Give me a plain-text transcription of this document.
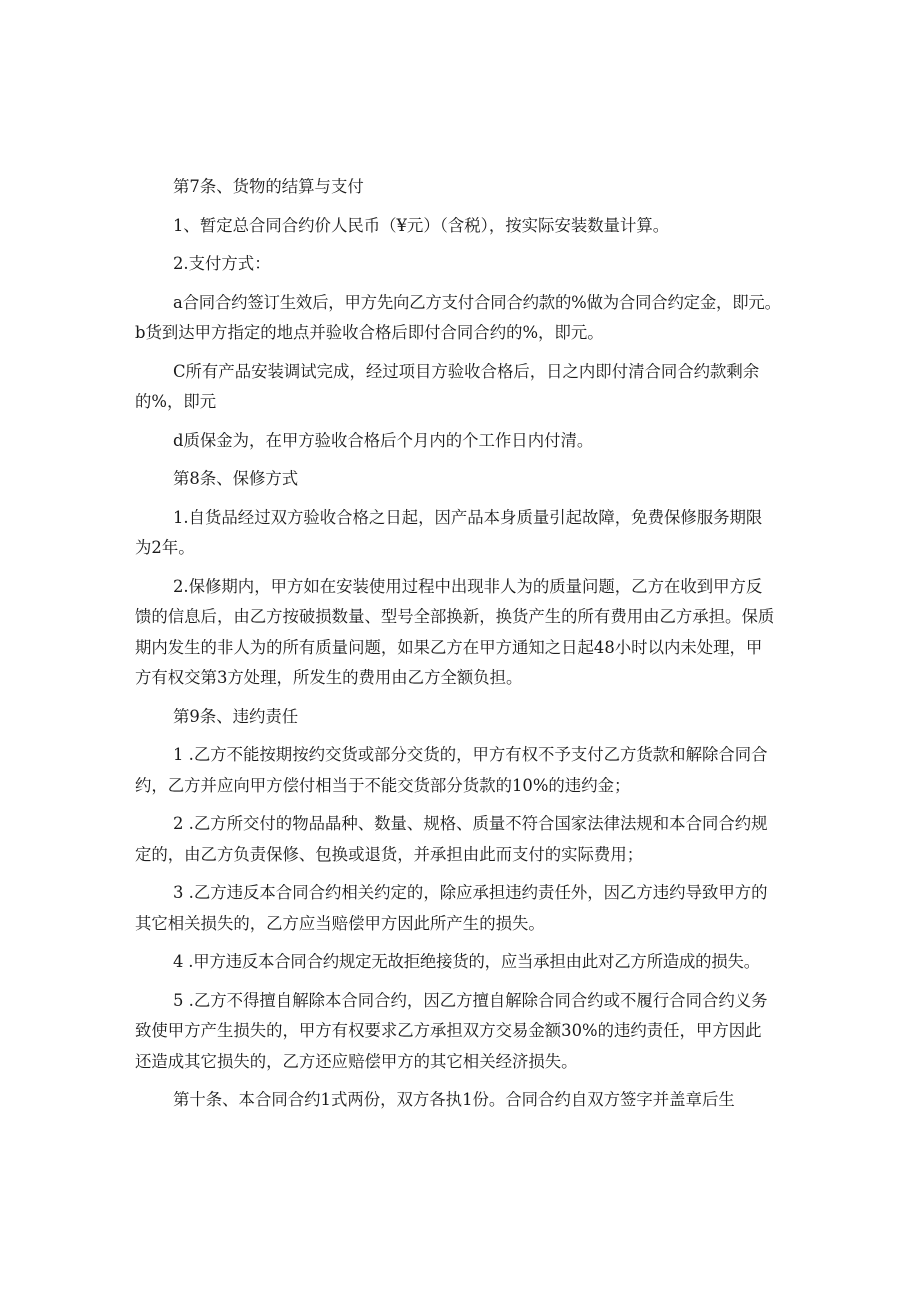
第7条、货物的结算与支付

1、暂定总合同合约价人民币（¥元）（含税），按实际安装数量计算。

2.支付方式：

a合同合约签订生效后，甲方先向乙方支付合同合约款的%做为合同合约定金，即元。

b货到达甲方指定的地点并验收合格后即付合同合约的%，即元。

C所有产品安装调试完成，经过项目方验收合格后，日之内即付清合同合约款剩余
的%，即元

d质保金为，在甲方验收合格后个月内的个工作日内付清。

第8条、保修方式

1.自货品经过双方验收合格之日起，因产品本身质量引起故障，免费保修服务期限
为2年。

2.保修期内，甲方如在安装使用过程中出现非人为的质量问题，乙方在收到甲方反
馈的信息后，由乙方按破损数量、型号全部换新，换货产生的所有费用由乙方承担。保质
期内发生的非人为的所有质量问题，如果乙方在甲方通知之日起48小时以内未处理，甲
方有权交第3方处理，所发生的费用由乙方全额负担。

第9条、违约责任

1 .乙方不能按期按约交货或部分交货的，甲方有权不予支付乙方货款和解除合同合
约，乙方并应向甲方偿付相当于不能交货部分货款的10%的违约金；

2 .乙方所交付的物品晶种、数量、规格、质量不符合国家法律法规和本合同合约规
定的，由乙方负责保修、包换或退货，并承担由此而支付的实际费用；

3 .乙方违反本合同合约相关约定的，除应承担违约责任外，因乙方违约导致甲方的
其它相关损失的，乙方应当赔偿甲方因此所产生的损失。

4 .甲方违反本合同合约规定无故拒绝接货的，应当承担由此对乙方所造成的损失。

5 .乙方不得擅自解除本合同合约，因乙方擅自解除合同合约或不履行合同合约义务
致使甲方产生损失的，甲方有权要求乙方承担双方交易金额30%的违约责任，甲方因此
还造成其它损失的，乙方还应赔偿甲方的其它相关经济损失。

第十条、本合同合约1式两份，双方各执1份。合同合约自双方签字并盖章后生
